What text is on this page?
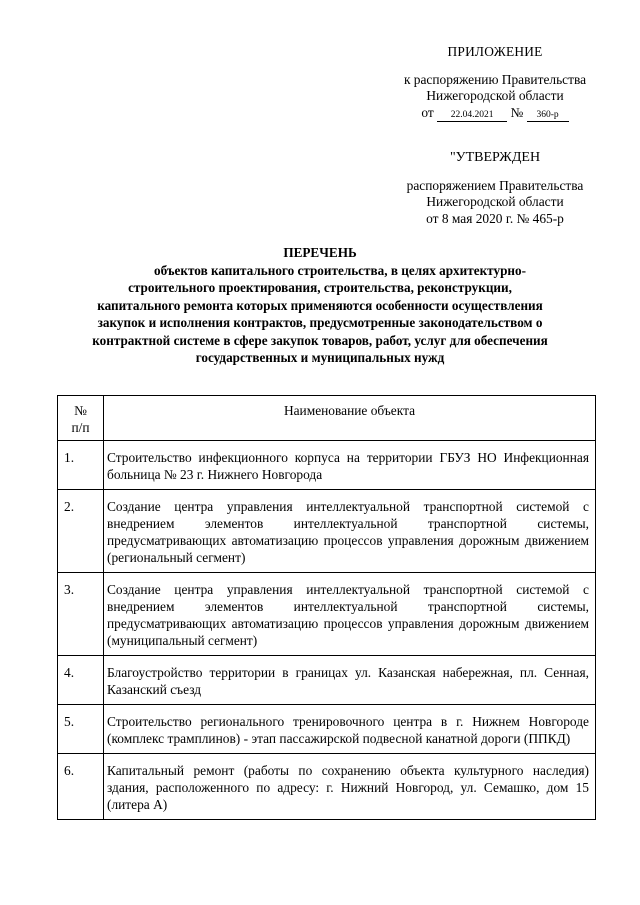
ПРИЛОЖЕНИЕ
к распоряжению Правительства
Нижегородской области
от 22.04.2021 № 360-р
"УТВЕРЖДЕН
распоряжением Правительства
Нижегородской области
от 8 мая 2020 г. № 465-р
ПЕРЕЧЕНЬ
объектов капитального строительства, в целях архитектурно-
строительного проектирования, строительства, реконструкции,
капитального ремонта которых применяются особенности осуществления
закупок и исполнения контрактов, предусмотренные законодательством о
контрактной системе в сфере закупок товаров, работ, услуг для обеспечения
государственных и муниципальных нужд
№
п/п	Наименование объекта
1.	Строительство инфекционного корпуса на территории ГБУЗ НО Инфекционная больница № 23 г. Нижнего Новгорода
2.	Создание центра управления интеллектуальной транспортной системой с внедрением элементов интеллектуальной транспортной системы, предусматривающих автоматизацию процессов управления дорожным движением (региональный сегмент)
3.	Создание центра управления интеллектуальной транспортной системой с внедрением элементов интеллектуальной транспортной системы, предусматривающих автоматизацию процессов управления дорожным движением (муниципальный сегмент)
4.	Благоустройство территории в границах ул. Казанская набережная, пл. Сенная, Казанский съезд
5.	Строительство регионального тренировочного центра в г. Нижнем Новгороде (комплекс трамплинов) - этап пассажирской подвесной канатной дороги (ППКД)
6.	Капитальный ремонт (работы по сохранению объекта культурного наследия) здания, расположенного по адресу: г. Нижний Новгород, ул. Семашко, дом 15 (литера А)
